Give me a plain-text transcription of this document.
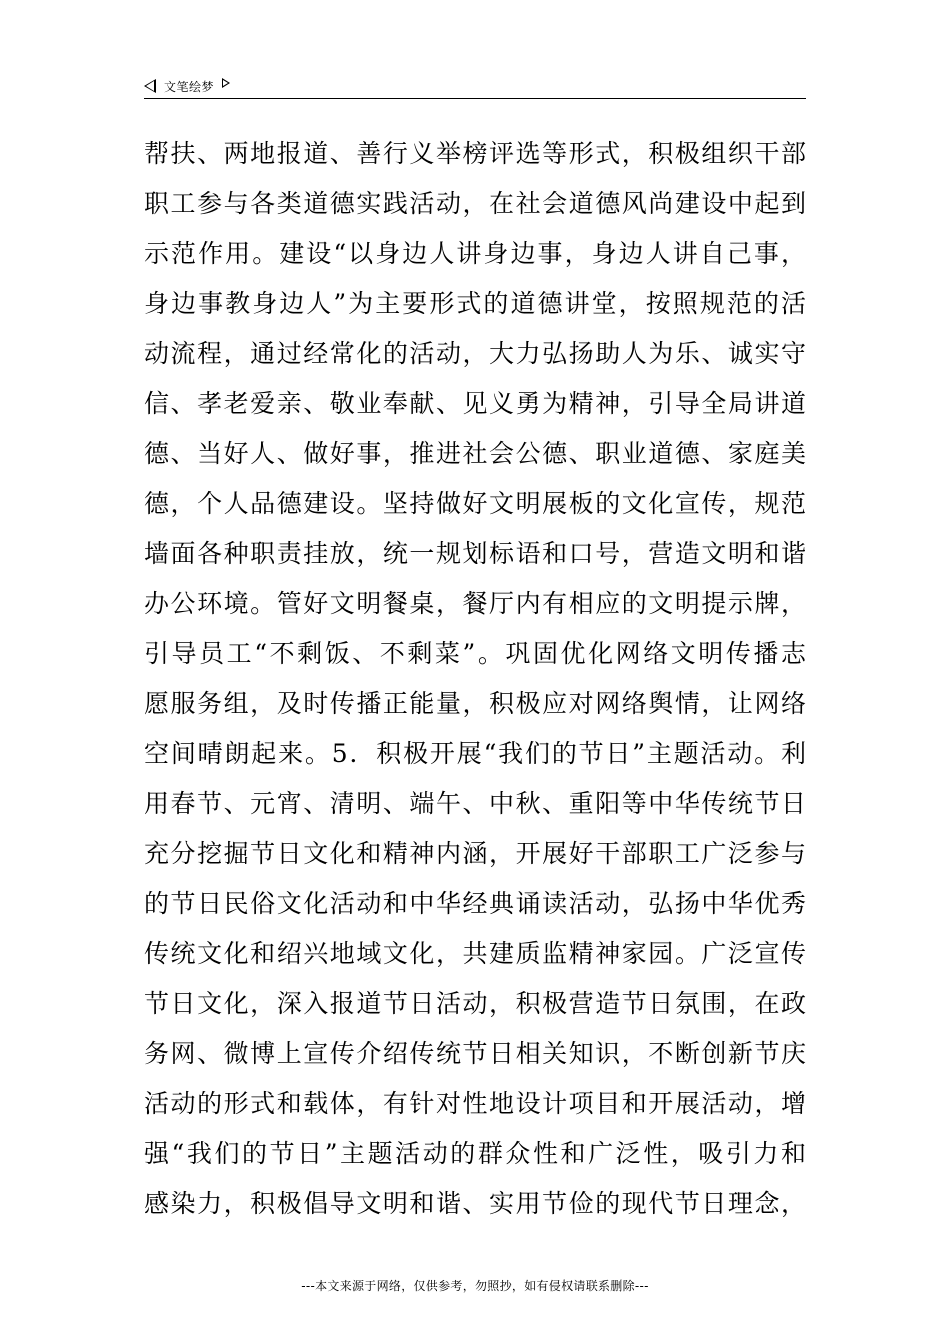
文笔绘梦
帮扶、两地报道、善行义举榜评选等形式，积极组织干部
职工参与各类道德实践活动，在社会道德风尚建设中起到
示范作用。建设“以身边人讲身边事，身边人讲自己事，
身边事教身边人”为主要形式的道德讲堂，按照规范的活
动流程，通过经常化的活动，大力弘扬助人为乐、诚实守
信、孝老爱亲、敬业奉献、见义勇为精神，引导全局讲道
德、当好人、做好事，推进社会公德、职业道德、家庭美
德，个人品德建设。坚持做好文明展板的文化宣传，规范
墙面各种职责挂放，统一规划标语和口号，营造文明和谐
办公环境。管好文明餐桌，餐厅内有相应的文明提示牌，
引导员工“不剩饭、不剩菜”。巩固优化网络文明传播志
愿服务组，及时传播正能量，积极应对网络舆情，让网络
空间晴朗起来。5．积极开展“我们的节日”主题活动。利
用春节、元宵、清明、端午、中秋、重阳等中华传统节日
充分挖掘节日文化和精神内涵，开展好干部职工广泛参与
的节日民俗文化活动和中华经典诵读活动，弘扬中华优秀
传统文化和绍兴地域文化，共建质监精神家园。广泛宣传
节日文化，深入报道节日活动，积极营造节日氛围，在政
务网、微博上宣传介绍传统节日相关知识，不断创新节庆
活动的形式和载体，有针对性地设计项目和开展活动，增
强“我们的节日”主题活动的群众性和广泛性，吸引力和
感染力，积极倡导文明和谐、实用节俭的现代节日理念，
---本文来源于网络，仅供参考，勿照抄，如有侵权请联系删除---
